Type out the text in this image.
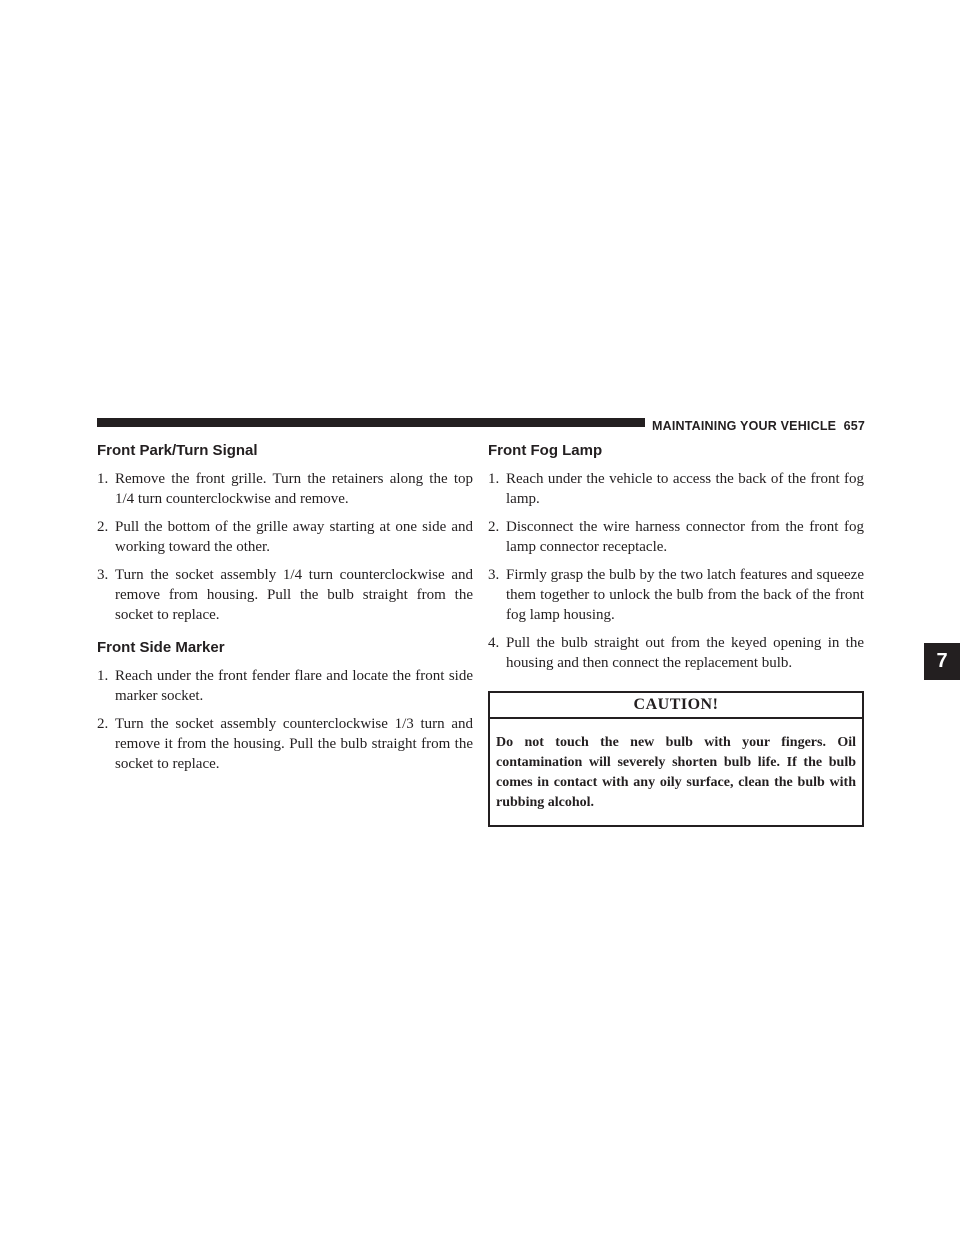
MAINTAINING YOUR VEHICLE 657
7
Front Park/Turn Signal
1. Remove the front grille. Turn the retainers along the top 1/4 turn counterclockwise and remove.
2. Pull the bottom of the grille away starting at one side and working toward the other.
3. Turn the socket assembly 1/4 turn counterclockwise and remove from housing. Pull the bulb straight from the socket to replace.
Front Side Marker
1. Reach under the front fender flare and locate the front side marker socket.
2. Turn the socket assembly counterclockwise 1/3 turn and remove it from the housing. Pull the bulb straight from the socket to replace.
Front Fog Lamp
1. Reach under the vehicle to access the back of the front fog lamp.
2. Disconnect the wire harness connector from the front fog lamp connector receptacle.
3. Firmly grasp the bulb by the two latch features and squeeze them together to unlock the bulb from the back of the front fog lamp housing.
4. Pull the bulb straight out from the keyed opening in the housing and then connect the replacement bulb.
CAUTION!
Do not touch the new bulb with your fingers. Oil contamination will severely shorten bulb life. If the bulb comes in contact with any oily surface, clean the bulb with rubbing alcohol.
